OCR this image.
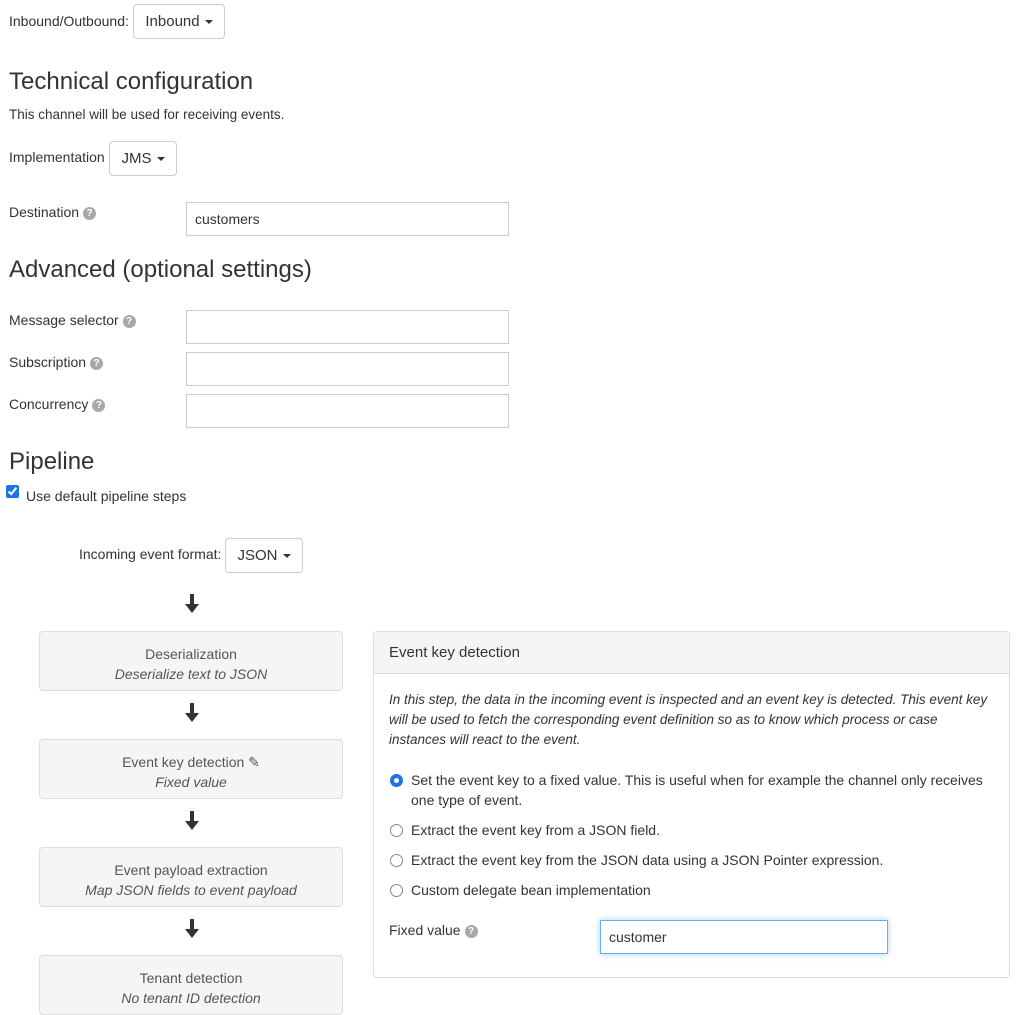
Inbound/Outbound: Inbound
Technical configuration
This channel will be used for receiving events.
Implementation JMS
Destination ?	customers
Advanced (optional settings)
Message selector ?
Subscription ?
Concurrency ?
Pipeline
Use default pipeline steps
Incoming event format: JSON
Deserialization
Deserialize text to JSON
Event key detection ✎
Fixed value
Event payload extraction
Map JSON fields to event payload
Tenant detection
No tenant ID detection
Event key detection
In this step, the data in the incoming event is inspected and an event key is detected. This event key will be used to fetch the corresponding event definition so as to know which process or case instances will react to the event.
Set the event key to a fixed value. This is useful when for example the channel only receives one type of event.
Extract the event key from a JSON field.
Extract the event key from the JSON data using a JSON Pointer expression.
Custom delegate bean implementation
Fixed value ?	customer
